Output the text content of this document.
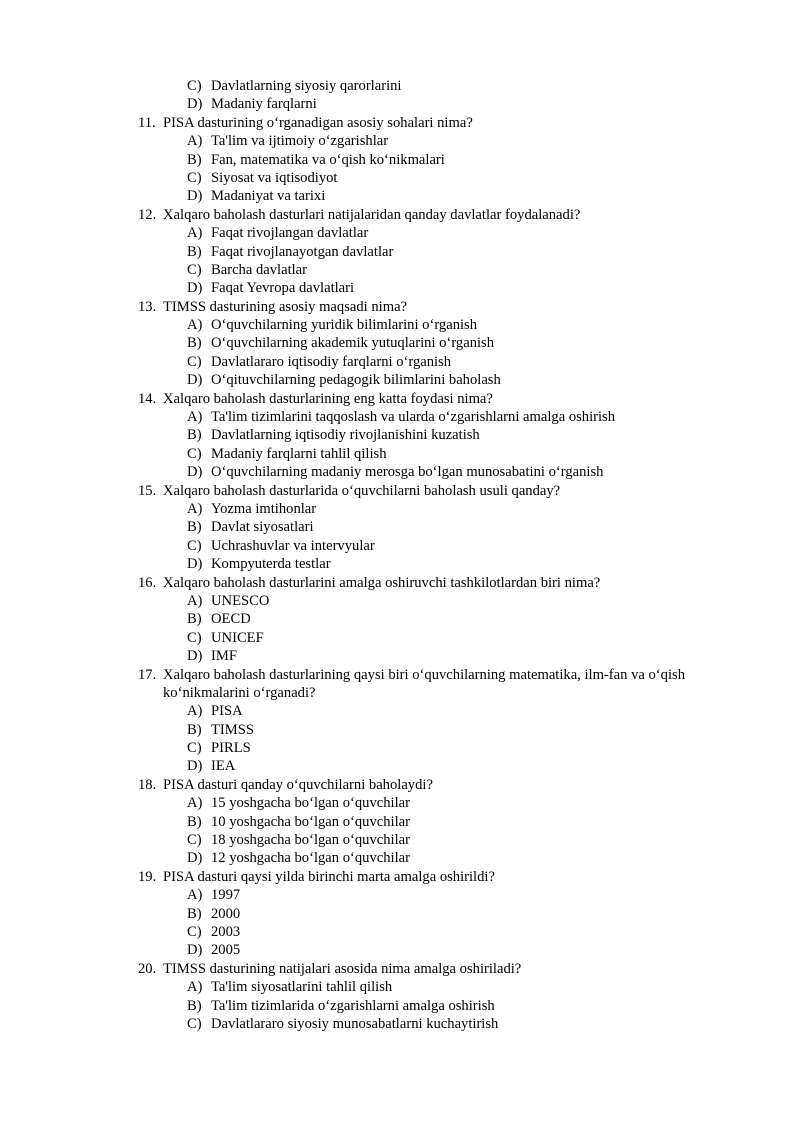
C) Davlatlarning siyosiy qarorlarini
D) Madaniy farqlarni
11. PISA dasturining o‘rganadigan asosiy sohalari nima?
A) Ta'lim va ijtimoiy o‘zgarishlar
B) Fan, matematika va o‘qish ko‘nikmalari
C) Siyosat va iqtisodiyot
D) Madaniyat va tarixi
12. Xalqaro baholash dasturlari natijalaridan qanday davlatlar foydalanadi?
A) Faqat rivojlangan davlatlar
B) Faqat rivojlanayotgan davlatlar
C) Barcha davlatlar
D) Faqat Yevropa davlatlari
13. TIMSS dasturining asosiy maqsadi nima?
A) O‘quvchilarning yuridik bilimlarini o‘rganish
B) O‘quvchilarning akademik yutuqlarini o‘rganish
C) Davlatlararo iqtisodiy farqlarni o‘rganish
D) O‘qituvchilarning pedagogik bilimlarini baholash
14. Xalqaro baholash dasturlarining eng katta foydasi nima?
A) Ta'lim tizimlarini taqqoslash va ularda o‘zgarishlarni amalga oshirish
B) Davlatlarning iqtisodiy rivojlanishini kuzatish
C) Madaniy farqlarni tahlil qilish
D) O‘quvchilarning madaniy merosga bo‘lgan munosabatini o‘rganish
15. Xalqaro baholash dasturlarida o‘quvchilarni baholash usuli qanday?
A) Yozma imtihonlar
B) Davlat siyosatlari
C) Uchrashuvlar va intervyular
D) Kompyuterda testlar
16. Xalqaro baholash dasturlarini amalga oshiruvchi tashkilotlardan biri nima?
A) UNESCO
B) OECD
C) UNICEF
D) IMF
17. Xalqaro baholash dasturlarining qaysi biri o‘quvchilarning matematika, ilm-fan va o‘qish ko‘nikmalarini o‘rganadi?
A) PISA
B) TIMSS
C) PIRLS
D) IEA
18. PISA dasturi qanday o‘quvchilarni baholaydi?
A) 15 yoshgacha bo‘lgan o‘quvchilar
B) 10 yoshgacha bo‘lgan o‘quvchilar
C) 18 yoshgacha bo‘lgan o‘quvchilar
D) 12 yoshgacha bo‘lgan o‘quvchilar
19. PISA dasturi qaysi yilda birinchi marta amalga oshirildi?
A) 1997
B) 2000
C) 2003
D) 2005
20. TIMSS dasturining natijalari asosida nima amalga oshiriladi?
A) Ta'lim siyosatlarini tahlil qilish
B) Ta'lim tizimlarida o‘zgarishlarni amalga oshirish
C) Davlatlararo siyosiy munosabatlarni kuchaytirish
